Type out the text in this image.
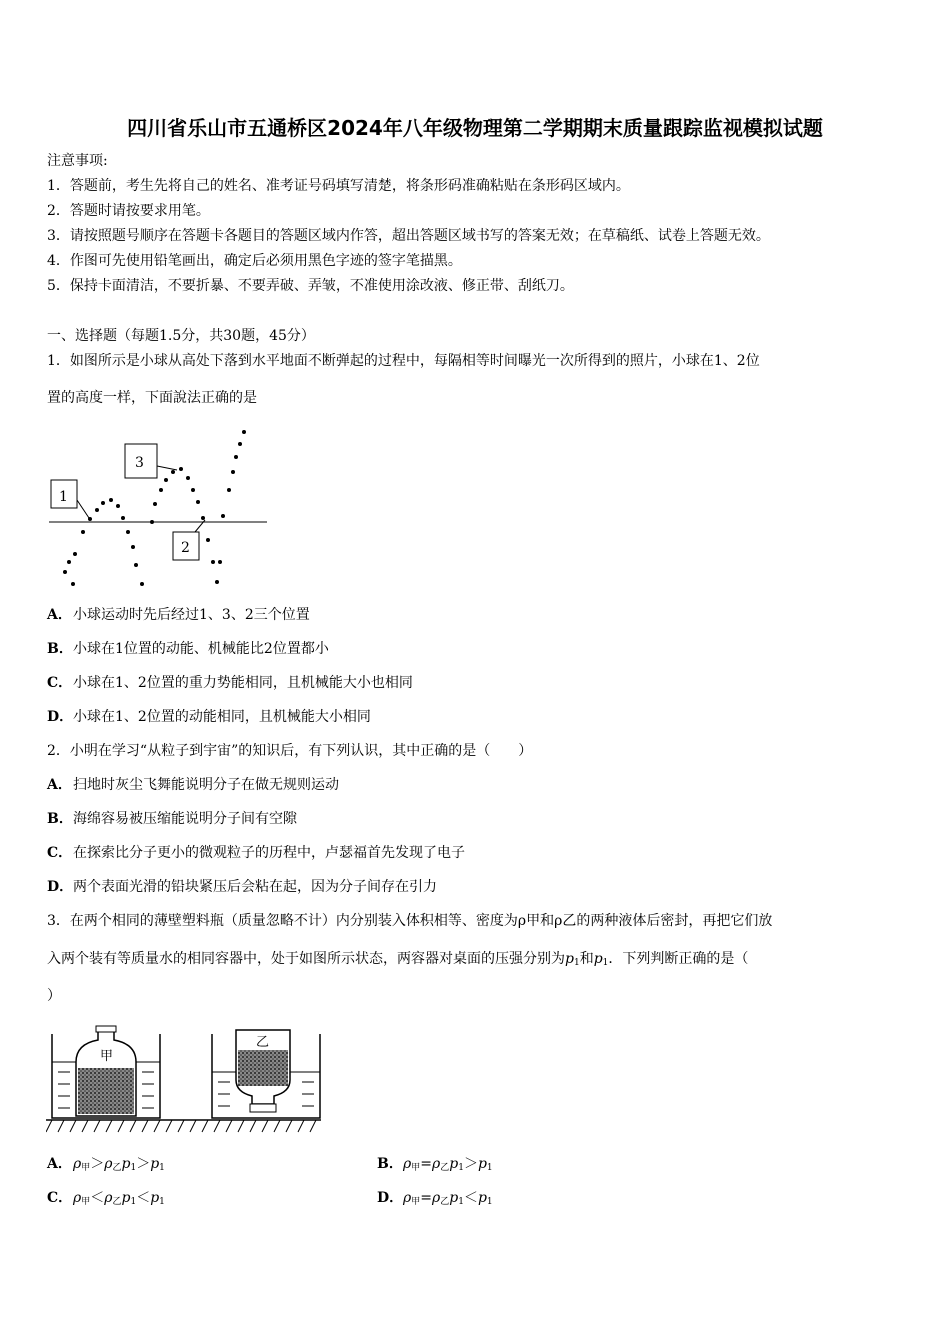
四川省乐山市五通桥区2024年八年级物理第二学期期末质量跟踪监视模拟试题
注意事项:
1．答题前，考生先将自己的姓名、准考证号码填写清楚，将条形码准确粘贴在条形码区域内。
2．答题时请按要求用笔。
3．请按照题号顺序在答题卡各题目的答题区域内作答，超出答题区域书写的答案无效；在草稿纸、试卷上答题无效。
4．作图可先使用铅笔画出，确定后必须用黑色字迹的签字笔描黑。
5．保持卡面清洁，不要折暴、不要弄破、弄皱，不准使用涂改液、修正带、刮纸刀。
一、选择题（每题1.5分，共30题，45分）
1．如图所示是小球从高处下落到水平地面不断弹起的过程中，每隔相等时间曝光一次所得到的照片，小球在1、2位
置的高度一样，下面說法正确的是
1
3
2
A．小球运动时先后经过1、3、2三个位置
B．小球在1位置的动能、机械能比2位置都小
C．小球在1、2位置的重力势能相同，且机械能大小也相同
D．小球在1、2位置的动能相同，且机械能大小相同
2．小明在学习“从粒子到宇宙”的知识后，有下列认识，其中正确的是（　　）
A．扫地时灰尘飞舞能说明分子在做无规则运动
B．海绵容易被压缩能说明分子间有空隙
C．在探索比分子更小的微观粒子的历程中，卢瑟福首先发现了电子
D．两个表面光滑的铅块紧压后会粘在起，因为分子间存在引力
3．在两个相同的薄壁塑料瓶（质量忽略不计）内分别装入体积相等、密度为ρ甲和ρ乙的两种液体后密封，再把它们放
入两个装有等质量水的相同容器中，处于如图所示状态，两容器对桌面的压强分别为$p_1$和$p_1$．下列判断正确的是（
）
甲
乙
A．$\rho_甲>\rho_乙p_1>p_1$	B．$\rho_甲=\rho_乙p_1>p_1$
C．$\rho_甲<\rho_乙p_1<p_1$	D．$\rho_甲=\rho_乙p_1<p_1$
